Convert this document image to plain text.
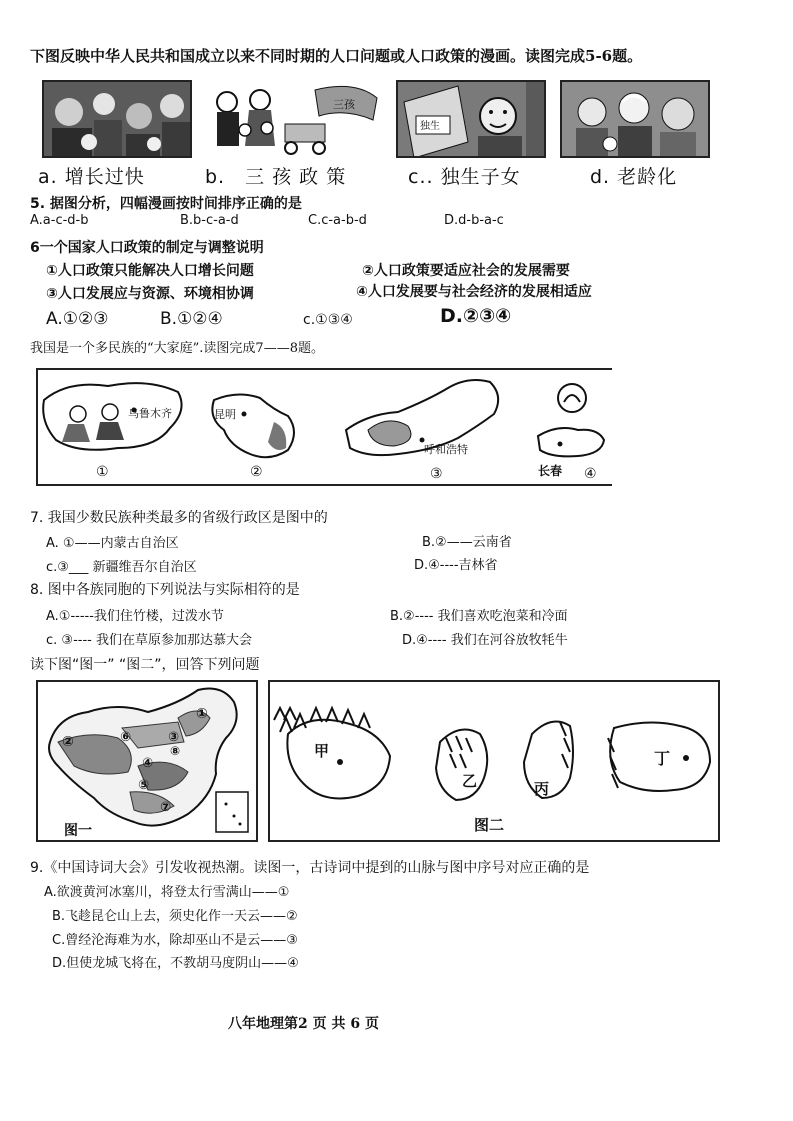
下图反映中华人民共和国成立以来不同时期的人口问题或人口政策的漫画。读图完成5-6题。
三孩
独生
a. 增长过快	b.　三 孩 政 策	c.. 独生子女	d. 老龄化
5. 据图分析，四幅漫画按时间排序正确的是
A.a-c-d-b	B.b-c-a-d	C.c-a-b-d	D.d-b-a-c
6一个国家人口政策的制定与调整说明
①人口政策只能解决人口增长问题	②人口政策要适应社会的发展需要
③人口发展应与资源、环境相协调	④人口发展要与社会经济的发展相适应
A.①②③	B.①②④	c.①③④	D.②③④
我国是一个多民族的“大家庭”.读图完成7——8题。
乌鲁木齐	昆明
呼和浩特
长春
①	②	③	④
7. 我国少数民族种类最多的省级行政区是图中的
A. ①——内蒙古自治区	B.②——云南省
c.③___ 新疆维吾尔自治区	D.④----吉林省
8. 图中各族同胞的下列说法与实际相符的是
A.①-----我们住竹楼，过泼水节	B.②---- 我们喜欢吃泡菜和冷面
c. ③---- 我们在草原参加那达慕大会	D.④---- 我们在河谷放牧牦牛
读下图“图一” “图二”，回答下列问题
①
②	③
④
⑤
⑥
⑦
⑧
图一
甲
乙	丙
丁
图二
9.《中国诗词大会》引发收视热潮。读图一，古诗词中提到的山脉与图中序号对应正确的是
A.欲渡黄河冰塞川，将登太行雪满山——①
B.飞趁昆仑山上去，须史化作一天云——②
C.曾经沦海难为水，除却巫山不是云——③
D.但使龙城飞将在，不教胡马度阴山——④
八年地理第2 页 共 6 页
